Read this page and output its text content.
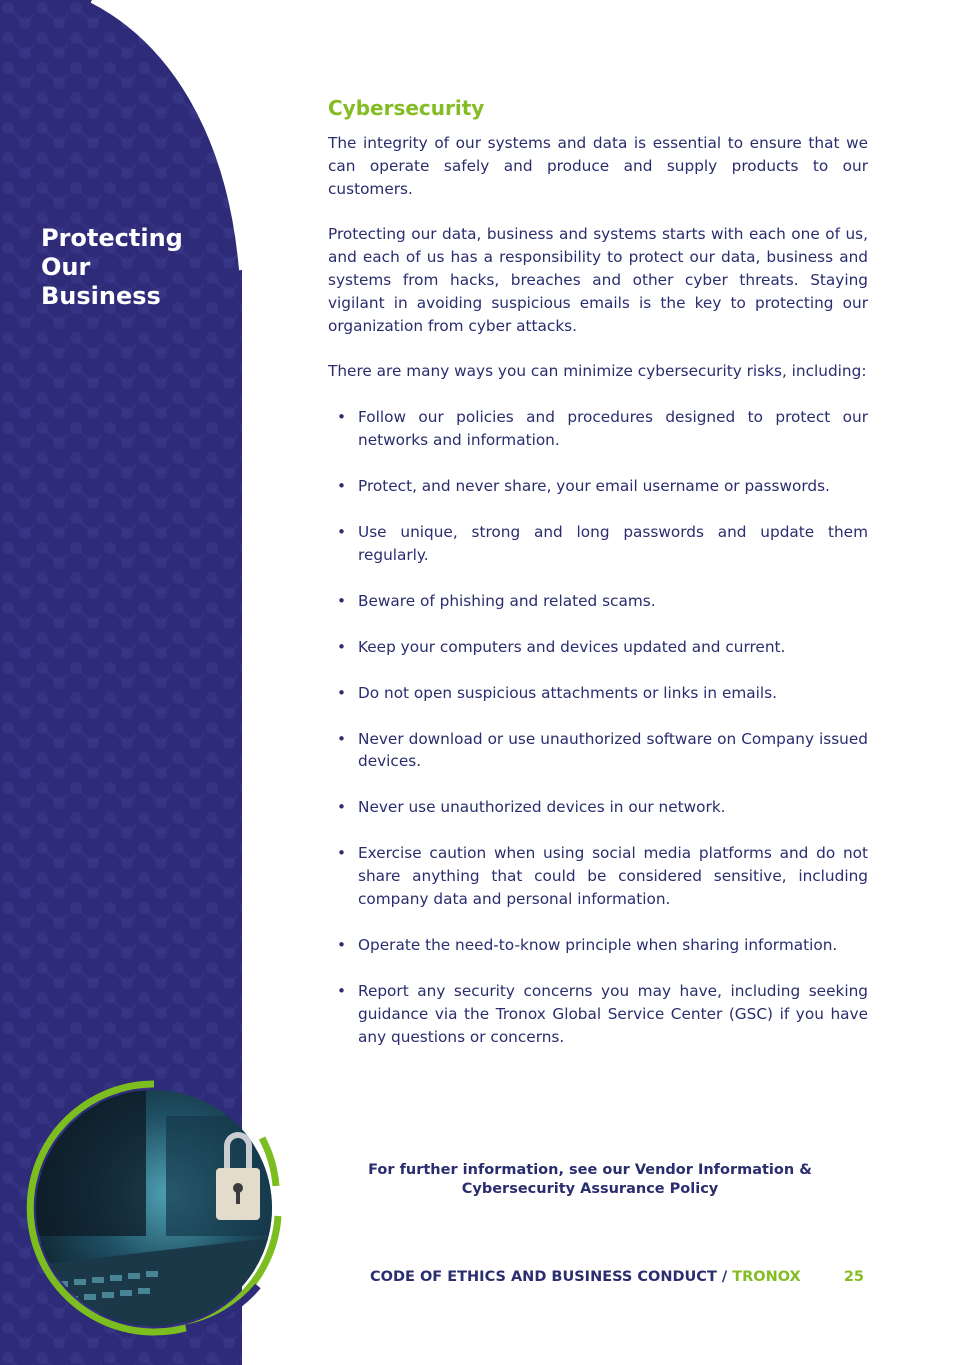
Protecting
Our
Business
Cybersecurity

The integrity of our systems and data is essential to ensure that we can operate safely and produce and supply products to our customers.

Protecting our data, business and systems starts with each one of us, and each of us has a responsibility to protect our data, business and systems from hacks, breaches and other cyber threats. Staying vigilant in avoiding suspicious emails is the key to protecting our organization from cyber attacks.

There are many ways you can minimize cybersecurity risks, including:

• Follow our policies and procedures designed to protect our networks and information.
• Protect, and never share, your email username or passwords.
• Use unique, strong and long passwords and update them regularly.
• Beware of phishing and related scams.
• Keep your computers and devices updated and current.
• Do not open suspicious attachments or links in emails.
• Never download or use unauthorized software on Company issued devices.
• Never use unauthorized devices in our network.
• Exercise caution when using social media platforms and do not share anything that could be considered sensitive, including company data and personal information.
• Operate the need-to-know principle when sharing information.
• Report any security concerns you may have, including seeking guidance via the Tronox Global Service Center (GSC) if you have any questions or concerns.
For further information, see our Vendor Information &
Cybersecurity Assurance Policy
CODE OF ETHICS AND BUSINESS CONDUCT / TRONOX	25
